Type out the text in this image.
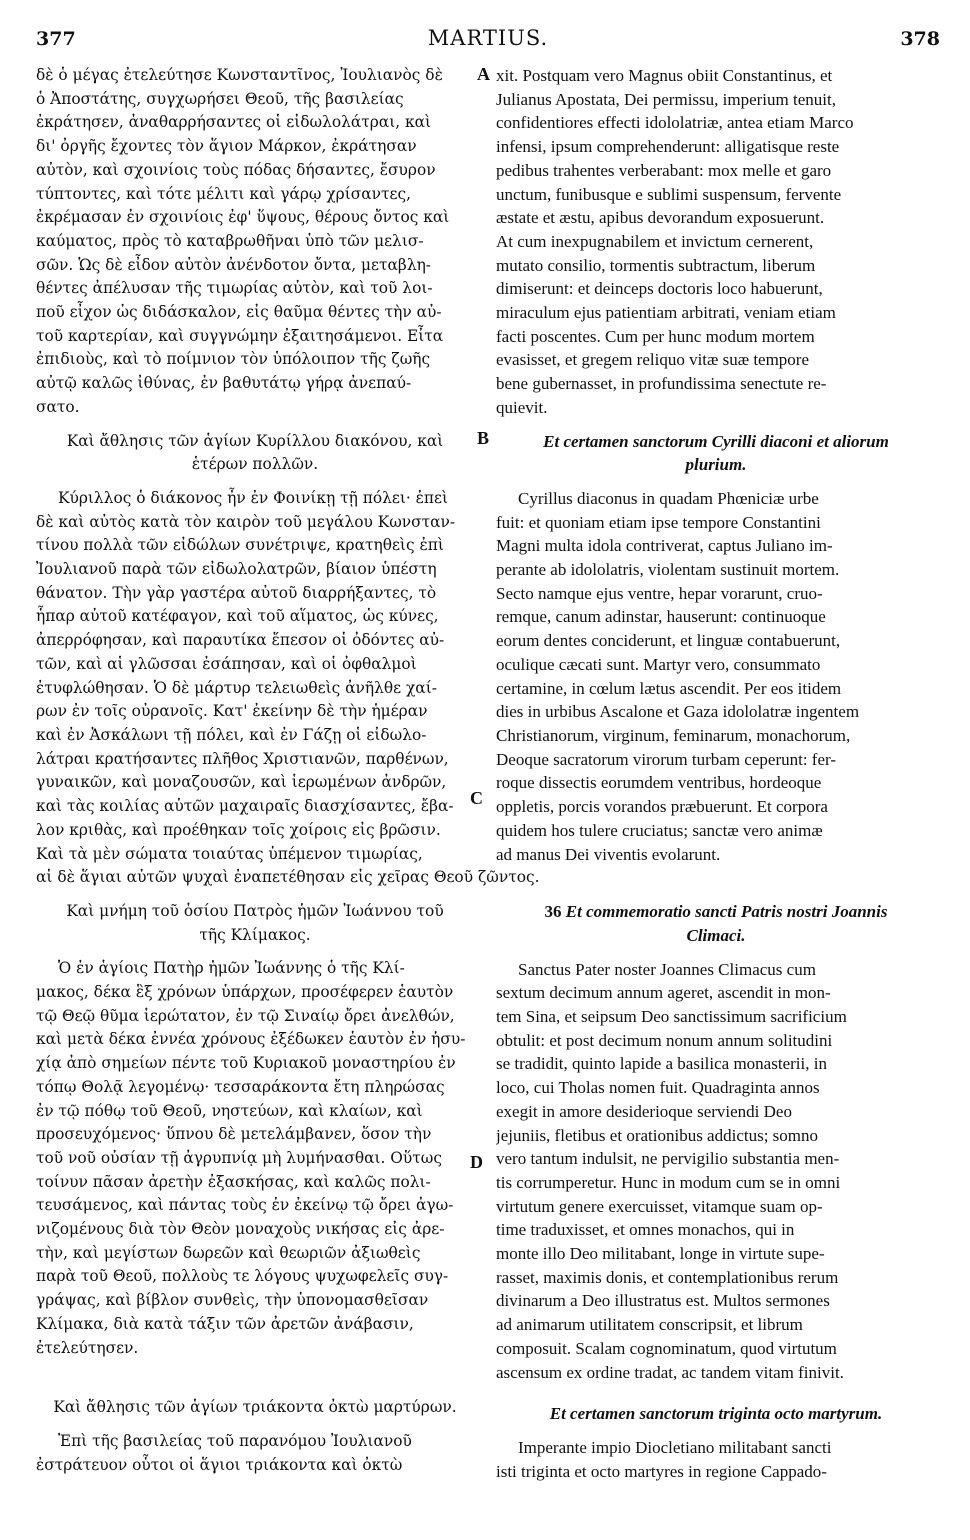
377	MARTIUS.	378
A
B
C
D
δὲ ὁ μέγας ἐτελεύτησε Κωνσταντῖνος, Ἰουλιανὸς δὲ
ὁ Ἀποστάτης, συγχωρήσει Θεοῦ, τῆς βασιλείας
ἐκράτησεν, ἀναθαρρήσαντες οἱ εἰδωλολάτραι, καὶ
δι' ὀργῆς ἔχοντες τὸν ἅγιον Μάρκον, ἐκράτησαν
αὐτὸν, καὶ σχοινίοις τοὺς πόδας δήσαντες, ἔσυρον
τύπτοντες, καὶ τότε μέλιτι καὶ γάρῳ χρίσαντες,
ἐκρέμασαν ἐν σχοινίοις ἐφ' ὕψους, θέρους ὄντος καὶ
καύματος, πρὸς τὸ καταβρωθῆναι ὑπὸ τῶν μελισ-
σῶν. Ὡς δὲ εἶδον αὐτὸν ἀνένδοτον ὄντα, μεταβλη-
θέντες ἀπέλυσαν τῆς τιμωρίας αὐτὸν, καὶ τοῦ λοι-
ποῦ εἶχον ὡς διδάσκαλον, εἰς θαῦμα θέντες τὴν αὐ-
τοῦ καρτερίαν, καὶ συγγνώμην ἐξαιτησάμενοι. Εἶτα
ἐπιδιοὺς, καὶ τὸ ποίμνιον τὸν ὑπόλοιπον τῆς ζωῆς
αὐτῷ καλῶς ἰθύνας, ἐν βαθυτάτῳ γήρᾳ ἀνεπαύ-
σατο.
Καὶ ἄθλησις τῶν ἁγίων Κυρίλλου διακόνου, καὶ
ἑτέρων πολλῶν.
Κύριλλος ὁ διάκονος ἦν ἐν Φοινίκῃ τῇ πόλει· ἐπεὶ
δὲ καὶ αὐτὸς κατὰ τὸν καιρὸν τοῦ μεγάλου Κωνσταν-
τίνου πολλὰ τῶν εἰδώλων συνέτριψε, κρατηθεὶς ἐπὶ
Ἰουλιανοῦ παρὰ τῶν εἰδωλολατρῶν, βίαιον ὑπέστη
θάνατον. Τὴν γὰρ γαστέρα αὐτοῦ διαρρήξαντες, τὸ
ἧπαρ αὐτοῦ κατέφαγον, καὶ τοῦ αἵματος, ὡς κύνες,
ἀπερρόφησαν, καὶ παραυτίκα ἔπεσον οἱ ὀδόντες αὐ-
τῶν, καὶ αἱ γλῶσσαι ἐσάπησαν, καὶ οἱ ὀφθαλμοὶ
ἐτυφλώθησαν. Ὁ δὲ μάρτυρ τελειωθεὶς ἀνῆλθε χαί-
ρων ἐν τοῖς οὐρανοῖς. Κατ' ἐκείνην δὲ τὴν ἡμέραν
καὶ ἐν Ἀσκάλωνι τῇ πόλει, καὶ ἐν Γάζῃ οἱ εἰδωλο-
λάτραι κρατήσαντες πλῆθος Χριστιανῶν, παρθένων,
γυναικῶν, καὶ μοναζουσῶν, καὶ ἱερωμένων ἀνδρῶν,
καὶ τὰς κοιλίας αὐτῶν μαχαιραῖς διασχίσαντες, ἔβα-
λον κριθὰς, καὶ προέθηκαν τοῖς χοίροις εἰς βρῶσιν.
Καὶ τὰ μὲν σώματα τοιαύτας ὑπέμενον τιμωρίας,
αἱ δὲ ἅγιαι αὐτῶν ψυχαὶ ἐναπετέθησαν εἰς χεῖρας Θεοῦ ζῶντος.
Καὶ μνήμη τοῦ ὁσίου Πατρὸς ἡμῶν Ἰωάννου τοῦ
τῆς Κλίμακος.
Ὁ ἐν ἁγίοις Πατὴρ ἡμῶν Ἰωάννης ὁ τῆς Κλί-
μακος, δέκα ἓξ χρόνων ὑπάρχων, προσέφερεν ἑαυτὸν
τῷ Θεῷ θῦμα ἱερώτατον, ἐν τῷ Σιναίῳ ὄρει ἀνελθών,
καὶ μετὰ δέκα ἐννέα χρόνους ἐξέδωκεν ἑαυτὸν ἐν ἡσυ-
χίᾳ ἀπὸ σημείων πέντε τοῦ Κυριακοῦ μοναστηρίου ἐν
τόπῳ Θολᾷ λεγομένῳ· τεσσαράκοντα ἔτη πληρώσας
ἐν τῷ πόθῳ τοῦ Θεοῦ, νηστεύων, καὶ κλαίων, καὶ
προσευχόμενος· ὕπνου δὲ μετελάμβανεν, ὅσον τὴν
τοῦ νοῦ οὐσίαν τῇ ἀγρυπνίᾳ μὴ λυμήνασθαι. Οὕτως
τοίνυν πᾶσαν ἀρετὴν ἐξασκήσας, καὶ καλῶς πολι-
τευσάμενος, καὶ πάντας τοὺς ἐν ἐκείνῳ τῷ ὄρει ἀγω-
νιζομένους διὰ τὸν Θεὸν μοναχοὺς νικήσας εἰς ἀρε-
τὴν, καὶ μεγίστων δωρεῶν καὶ θεωριῶν ἀξιωθεὶς
παρὰ τοῦ Θεοῦ, πολλοὺς τε λόγους ψυχωφελεῖς συγ-
γράψας, καὶ βίβλον συνθεὶς, τὴν ὑπονομασθεῖσαν
Κλίμακα, διὰ κατὰ τάξιν τῶν ἀρετῶν ἀνάβασιν,
ἐτελεύτησεν.
Καὶ ἄθλησις τῶν ἁγίων τριάκοντα ὀκτὼ μαρτύρων.
Ἐπὶ τῆς βασιλείας τοῦ παρανόμου Ἰουλιανοῦ
ἐστράτευον οὗτοι οἱ ἅγιοι τριάκοντα καὶ ὀκτὼ
xit. Postquam vero Magnus obiit Constantinus, et
Julianus Apostata, Dei permissu, imperium tenuit,
confidentiores effecti idololatriæ, antea etiam Marco
infensi, ipsum comprehenderunt: alligatisque reste
pedibus trahentes verberabant: mox melle et garo
unctum, funibusque e sublimi suspensum, fervente
æstate et æstu, apibus devorandum exposuerunt.
At cum inexpugnabilem et invictum cernerent,
mutato consilio, tormentis subtractum, liberum
dimiserunt: et deinceps doctoris loco habuerunt,
miraculum ejus patientiam arbitrati, veniam etiam
facti poscentes. Cum per hunc modum mortem
evasisset, et gregem reliquo vitæ suæ tempore
bene gubernasset, in profundissima senectute re-
quievit.
Et certamen sanctorum Cyrilli diaconi et aliorum
plurium.
Cyrillus diaconus in quadam Phœniciæ urbe
fuit: et quoniam etiam ipse tempore Constantini
Magni multa idola contriverat, captus Juliano im-
perante ab idololatris, violentam sustinuit mortem.
Secto namque ejus ventre, hepar vorarunt, cruo-
remque, canum adinstar, hauserunt: continuoque
eorum dentes conciderunt, et linguæ contabuerunt,
oculique cæcati sunt. Martyr vero, consummato
certamine, in cœlum lætus ascendit. Per eos itidem
dies in urbibus Ascalone et Gaza idololatræ ingentem
Christianorum, virginum, feminarum, monachorum,
Deoque sacratorum virorum turbam ceperunt: fer-
roque dissectis eorumdem ventribus, hordeoque
oppletis, porcis vorandos præbuerunt. Et corpora
quidem hos tulere cruciatus; sanctæ vero animæ
ad manus Dei viventis evolarunt.
36 Et commemoratio sancti Patris nostri Joannis
Climaci.
Sanctus Pater noster Joannes Climacus cum
sextum decimum annum ageret, ascendit in mon-
tem Sina, et seipsum Deo sanctissimum sacrificium
obtulit: et post decimum nonum annum solitudini
se tradidit, quinto lapide a basilica monasterii, in
loco, cui Tholas nomen fuit. Quadraginta annos
exegit in amore desiderioque serviendi Deo
jejuniis, fletibus et orationibus addictus; somno
vero tantum indulsit, ne pervigilio substantia men-
tis corrumperetur. Hunc in modum cum se in omni
virtutum genere exercuisset, vitamque suam op-
time traduxisset, et omnes monachos, qui in
monte illo Deo militabant, longe in virtute supe-
rasset, maximis donis, et contemplationibus rerum
divinarum a Deo illustratus est. Multos sermones
ad animarum utilitatem conscripsit, et librum
composuit. Scalam cognominatum, quod virtutum
ascensum ex ordine tradat, ac tandem vitam finivit.
Et certamen sanctorum triginta octo martyrum.
Imperante impio Diocletiano militabant sancti
isti triginta et octo martyres in regione Cappado-
